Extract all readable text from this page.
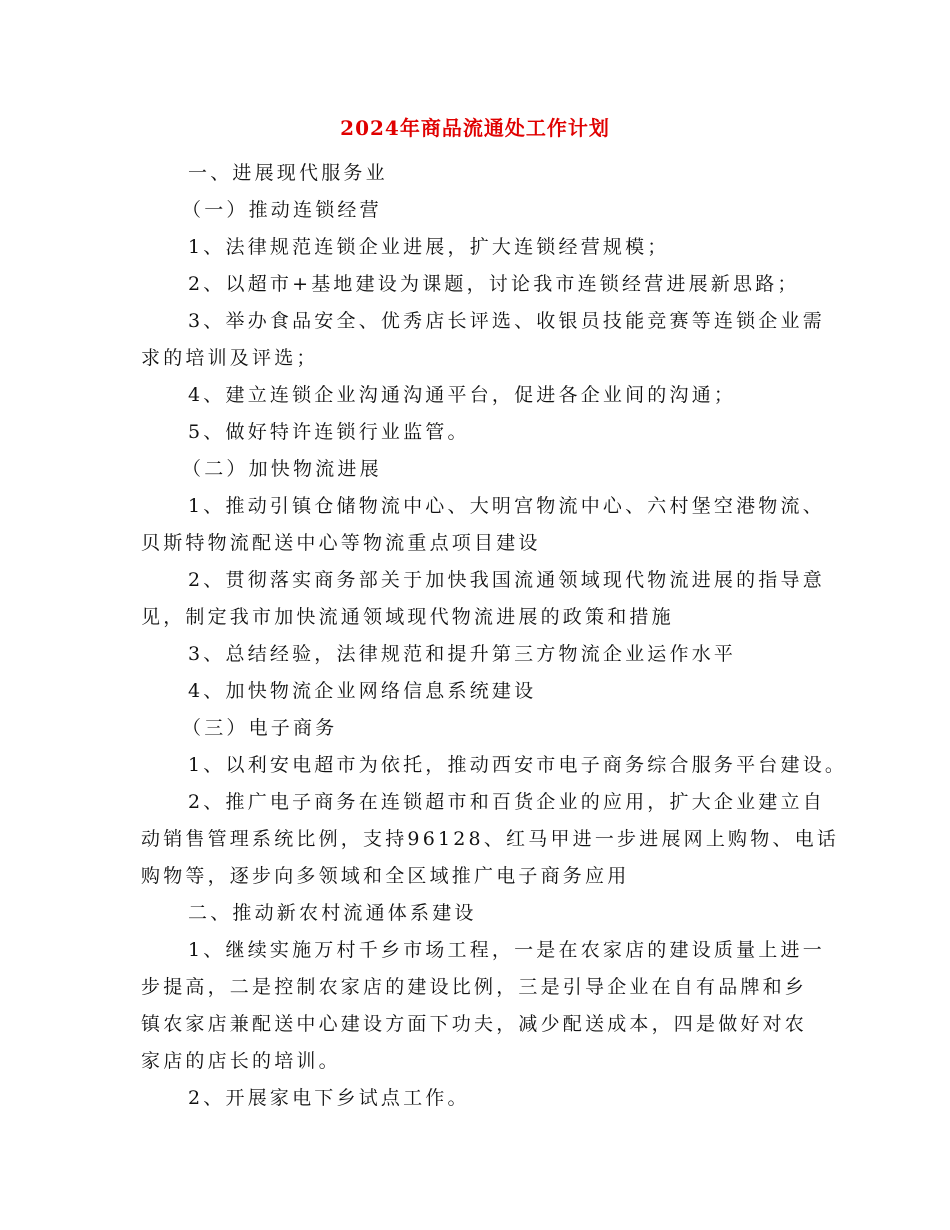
2024年商品流通处工作计划
一、进展现代服务业
（一）推动连锁经营
1、法律规范连锁企业进展，扩大连锁经营规模；
2、以超市+基地建设为课题，讨论我市连锁经营进展新思路；
3、举办食品安全、优秀店长评选、收银员技能竞赛等连锁企业需
求的培训及评选；
4、建立连锁企业沟通沟通平台，促进各企业间的沟通；
5、做好特许连锁行业监管。
（二）加快物流进展
1、推动引镇仓储物流中心、大明宫物流中心、六村堡空港物流、
贝斯特物流配送中心等物流重点项目建设
2、贯彻落实商务部关于加快我国流通领域现代物流进展的指导意
见，制定我市加快流通领域现代物流进展的政策和措施
3、总结经验，法律规范和提升第三方物流企业运作水平
4、加快物流企业网络信息系统建设
（三）电子商务
1、以利安电超市为依托，推动西安市电子商务综合服务平台建设。
2、推广电子商务在连锁超市和百货企业的应用，扩大企业建立自
动销售管理系统比例，支持96128、红马甲进一步进展网上购物、电话
购物等，逐步向多领域和全区域推广电子商务应用
二、推动新农村流通体系建设
1、继续实施万村千乡市场工程，一是在农家店的建设质量上进一
步提高，二是控制农家店的建设比例，三是引导企业在自有品牌和乡
镇农家店兼配送中心建设方面下功夫，减少配送成本，四是做好对农
家店的店长的培训。
2、开展家电下乡试点工作。
